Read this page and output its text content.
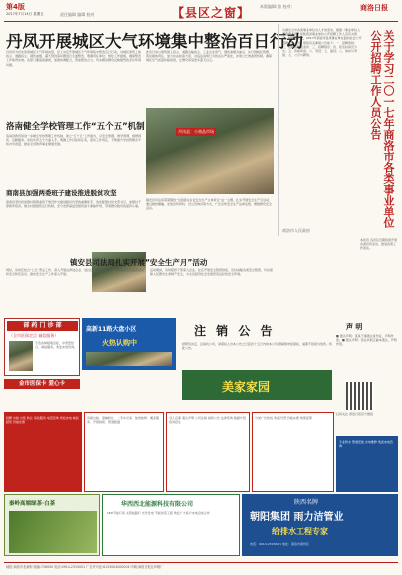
第4版
2017年7月14日 星期五	责任编辑 编辑 校对	【县区之窗】 本版编辑:张 校对:	商洛日报
丹凤开展城区大气环境集中整治百日行动
丹凤县为切实改善城区大气环境质量，县上决定开展城区大气环境集中整治百日行动，对城区建筑工地扬尘、道路扬尘、餐饮油烟、露天焚烧等问题进行全面整治，明确责任单位，细化工作措施，确保整治工作取得实效。各部门要高度重视，加强协调配合，形成整治合力，切实解决群众反映强烈的突出环境问题。
此次行动以建筑施工扬尘、道路运输扬尘、工业企业废气、餐饮油烟为重点，实行网格化管理，落实属地责任，加大执法检查力度，对违法违规行为依法从严查处，并建立长效监管机制，确保城区空气质量持续改善，让群众享受更多蓝天白云。
洛南健全学校管理工作“五个五”机制
洛南县教育局进一步健全学校管理工作机制，建立“五个五”工作模式，从安全管理、教学管理、师德师风、后勤服务、家校共育五个方面入手，明确工作目标和任务，落实工作责任，不断提升学校管理水平和办学质量，推动全县教育事业健康发展。
丹凤县：小商品市场
商南县加强两委班子建设推进脱贫攻坚
商南县坚持把加强村级两委班子建设作为推进脱贫攻坚的重要抓手，选优配强村党支部书记，加强村干部教育培训，健全村级组织运行机制，充分发挥基层党组织战斗堡垒作用，带领群众脱贫致富奔小康。
镇安县司法局紧紧围绕“全面落实企业安全生产主体责任”这一主题，扎实开展安全生产月活动，通过悬挂横幅、发放宣传资料、设立咨询台等方式，广泛宣传安全生产法律法规，增强群众安全意识。
镇安县司法局扎实开展“安全生产月”活动
活动期间，该局组织干部深入企业、社区开展安全隐患排查，及时消除各类安全隐患，切实保障人民群众生命财产安全，为全县经济社会发展营造良好的安全环境。
同时，该局还结合“七五”普法工作，深入开展法律进企业、进社区、进学校活动，不断提高全民法治意识和安全防范意识，推动安全生产工作深入开展。
为满足全市各类事业单位对人才的需求，根据《事业单位人事管理条例》和陕西省事业单位公开招聘工作人员有关规定，经研究决定，2017年商洛市各类事业单位面向社会公开招聘工作人员，现将有关事项公告如下：一、招聘原则；二、招聘范围及条件；三、招聘程序；四、报名时间及方式；五、资格审查；六、笔试；七、面试；八、体检与考察；九、公示与聘用。	关于学习二〇一七年商洛市各类事业单位公开招聘工作人员公告
商洛市人民政府
本报讯 各县区近期积极开展各类宣传活动，推进各项工作落实。
部 药 门 诊 部
（全市医保定点 诚信服务）
专治各种疑难杂症，中西医结合，诚信服务，欢迎来电咨询。
金市医保卡 爱心卡
高新11路大盘小区
火热认购中
注 销 公 告
经研究决定，注销该公司，请债权人自本公告之日起四十五日内向本公司清算组申报债权，逾期不报视为放弃。特此公告。
声 明
■ 遗失声明：某某不慎遗失身份证，声明作废。■ 遗失声明：营业执照正副本遗失，声明作废。
美家家园
扫码关注 商洛日报官方微信
招聘 出租 出售 转让 家政服务 电话咨询 欢迎来电 诚信经营 价格优惠
房屋出租、商铺转让、二手车交易、装饰装修、搬家服务、开锁换锁、管道疏通
寻人启事 遗失声明 公司注销 减资公告 法律咨询 婚姻介绍 培训招生
分类广告热线 欢迎刊登 价格实惠 效果显著
专业防水 管道安装 水电维修 欢迎来电咨询
秦岭高端绿茶·白茶	华西西北能源科技有限公司
LED节能灯具 太阳能路灯 光伏发电 节能改造工程 欢迎广大客户来电洽谈合作
陕西名牌
朝阳集团 雨力洁管业
给排水工程专家
电话：0914-2315001 地址：商洛市商州区
地址:商洛市北新街 邮编:726000 电话:0914-2315001 广告许可证:6125004000004 印刷:商洛日报社印刷厂
